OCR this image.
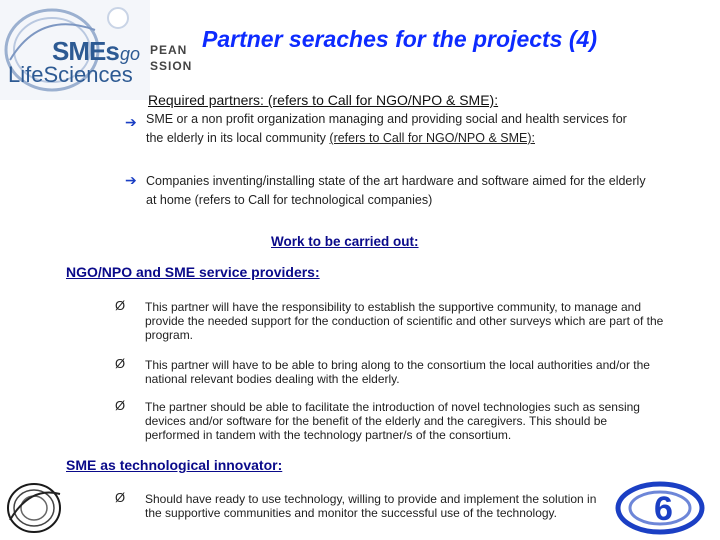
SMEs go
LifeSciences
PEAN
SSION
Partner seraches for the projects (4)
Required partners: (refers to Call for NGO/NPO & SME):
➔ SME or a non profit organization managing and providing social and health services for the elderly in its local community (refers to Call for NGO/NPO & SME):
➔ Companies inventing/installing state of the art hardware and software aimed for the elderly at home (refers to Call for technological companies)
Work to be carried out:
NGO/NPO and SME service providers:
Ø This partner will have the responsibility to establish the supportive community, to manage and provide the needed support for the conduction of scientific and other surveys which are part of the program.
Ø This partner will have to be able to bring along to the consortium the local authorities and/or the national relevant bodies dealing with the elderly.
Ø The partner should be able to facilitate the introduction of novel technologies such as sensing devices and/or software for the benefit of the elderly and the caregivers. This should be performed in tandem with the technology partner/s of the consortium.
SME as technological innovator:
Ø Should have ready to use technology, willing to provide and implement the solution in the supportive communities and monitor the successful use of the technology.	6
